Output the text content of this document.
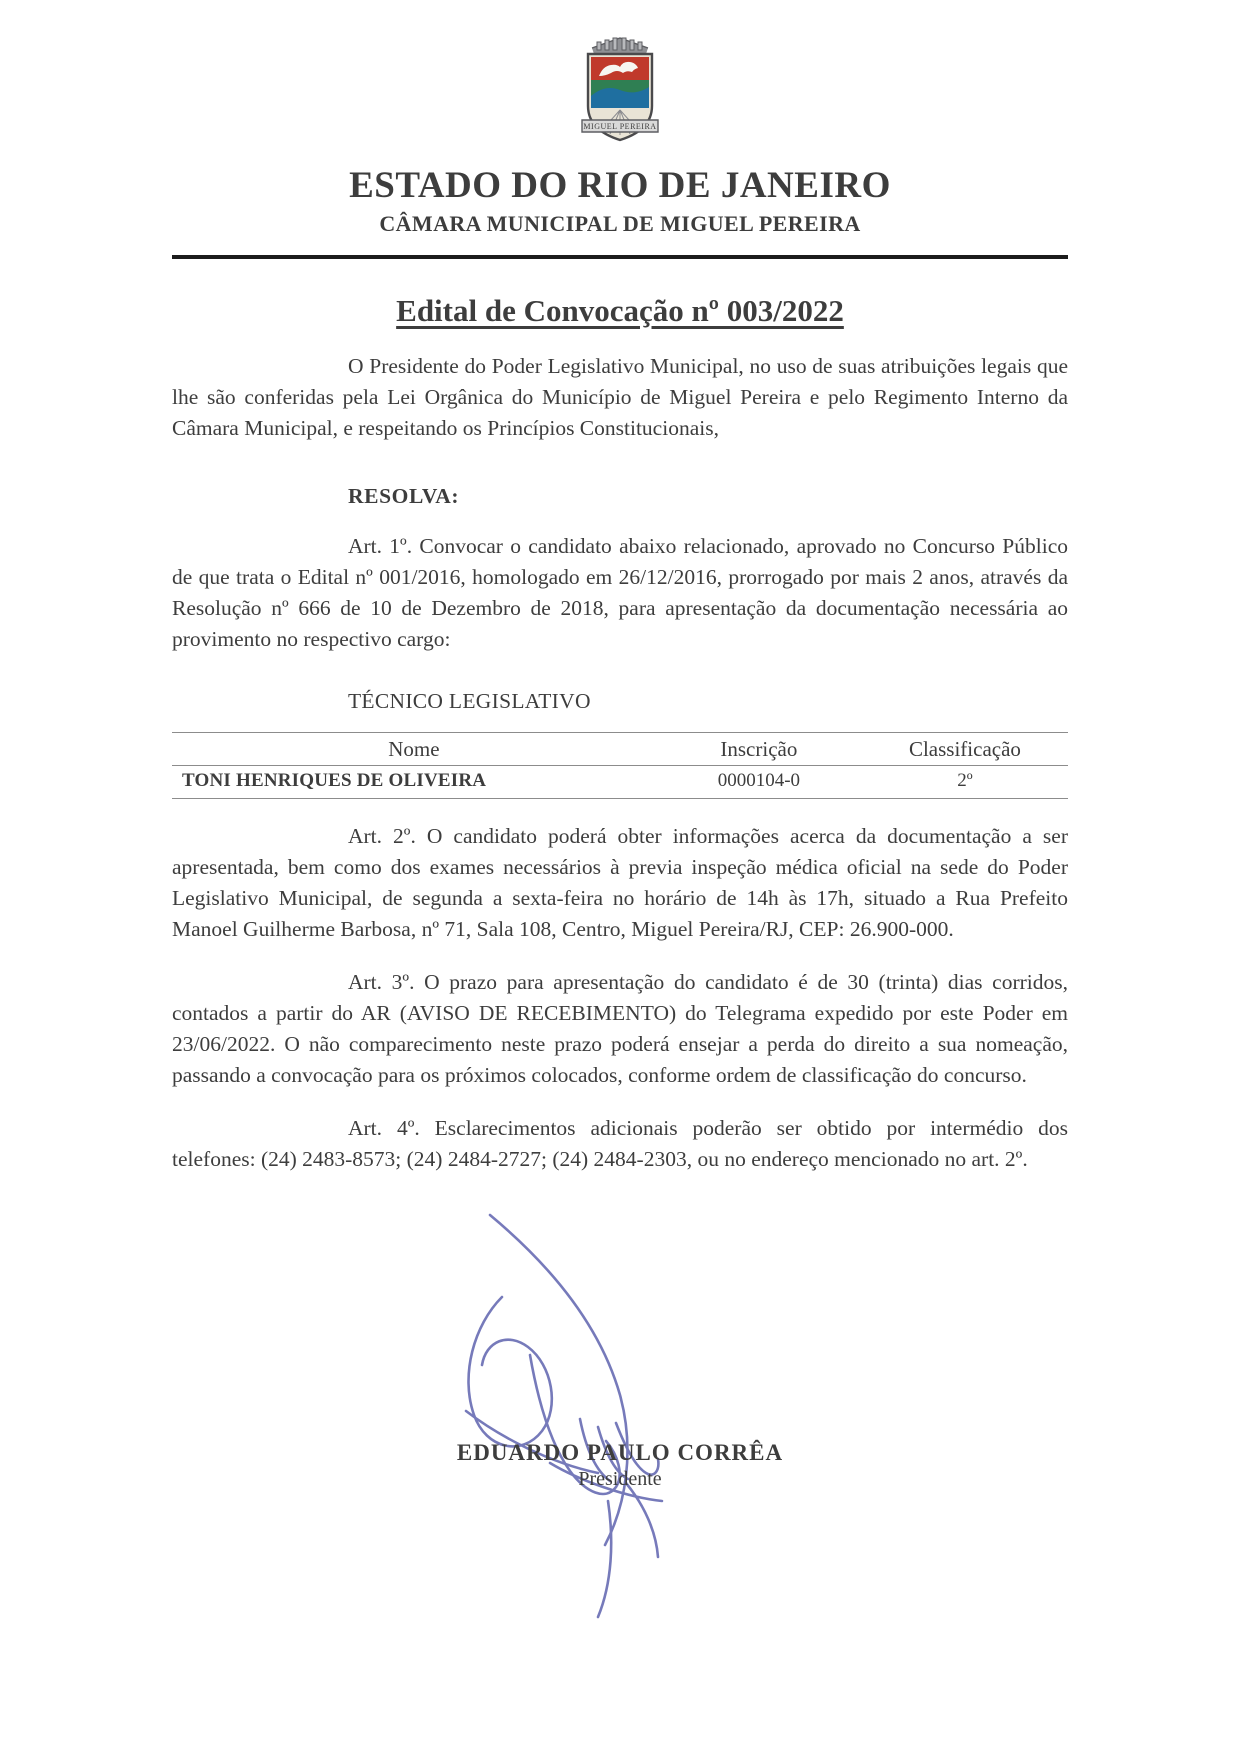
MIGUEL PEREIRA
ESTADO DO RIO DE JANEIRO
CÂMARA MUNICIPAL DE MIGUEL PEREIRA
Edital de Convocação nº 003/2022
O Presidente do Poder Legislativo Municipal, no uso de suas atribuições legais que lhe são conferidas pela Lei Orgânica do Município de Miguel Pereira e pelo Regimento Interno da Câmara Municipal, e respeitando os Princípios Constitucionais,
RESOLVA:
Art. 1º. Convocar o candidato abaixo relacionado, aprovado no Concurso Público de que trata o Edital nº 001/2016, homologado em 26/12/2016, prorrogado por mais 2 anos, através da Resolução nº 666 de 10 de Dezembro de 2018, para apresentação da documentação necessária ao provimento no respectivo cargo:
TÉCNICO LEGISLATIVO
Nome	Inscrição	Classificação
TONI HENRIQUES DE OLIVEIRA	0000104-0	2º
Art. 2º. O candidato poderá obter informações acerca da documentação a ser apresentada, bem como dos exames necessários à previa inspeção médica oficial na sede do Poder Legislativo Municipal, de segunda a sexta-feira no horário de 14h às 17h, situado a Rua Prefeito Manoel Guilherme Barbosa, nº 71, Sala 108, Centro, Miguel Pereira/RJ, CEP: 26.900-000.
Art. 3º. O prazo para apresentação do candidato é de 30 (trinta) dias corridos, contados a partir do AR (AVISO DE RECEBIMENTO) do Telegrama expedido por este Poder em 23/06/2022. O não comparecimento neste prazo poderá ensejar a perda do direito a sua nomeação, passando a convocação para os próximos colocados, conforme ordem de classificação do concurso.
Art. 4º. Esclarecimentos adicionais poderão ser obtido por intermédio dos telefones: (24) 2483-8573; (24) 2484-2727; (24) 2484-2303, ou no endereço mencionado no art. 2º.
EDUARDO PAULO CORRÊA
Presidente
